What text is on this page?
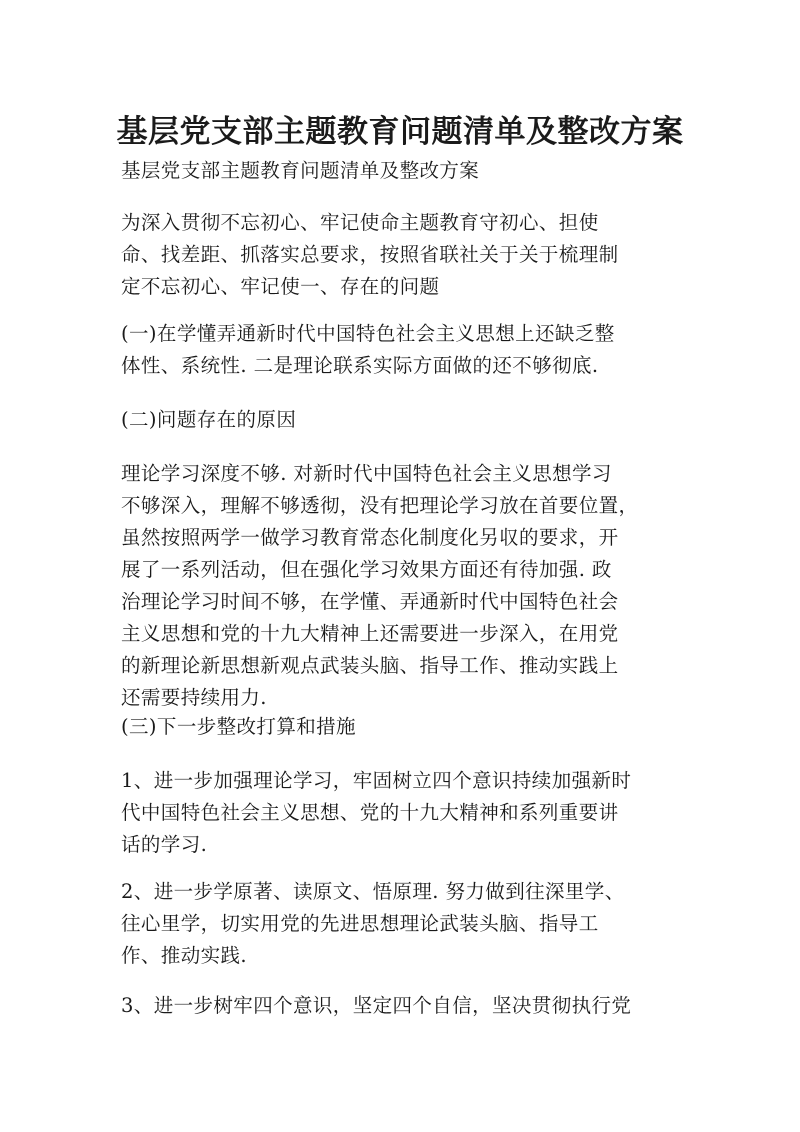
基层党支部主题教育问题清单及整改方案
基层党支部主题教育问题清单及整改方案
为深入贯彻不忘初心、牢记使命主题教育守初心、担使
命、找差距、抓落实总要求，按照省联社关于关于梳理制
定不忘初心、牢记使一、存在的问题
(一)在学懂弄通新时代中国特色社会主义思想上还缺乏整
体性、系统性. 二是理论联系实际方面做的还不够彻底.
(二)问题存在的原因
理论学习深度不够. 对新时代中国特色社会主义思想学习
不够深入，理解不够透彻，没有把理论学习放在首要位置，
虽然按照两学一做学习教育常态化制度化另収的要求，开
展了一系列活动，但在强化学习效果方面还有待加强. 政
治理论学习时间不够，在学懂、弄通新时代中国特色社会
主义思想和党的十九大精神上还需要进一步深入，在用党
的新理论新思想新观点武装头脑、指导工作、推动实践上
还需要持续用力.
(三)下一步整改打算和措施
1、进一步加强理论学习，牢固树立四个意识持续加强新时
代中国特色社会主义思想、党的十九大精神和系列重要讲
话的学习.
2、进一步学原著、读原文、悟原理. 努力做到往深里学、
往心里学，切实用党的先进思想理论武装头脑、指导工
作、推动实践.
3、进一步树牢四个意识，坚定四个自信，坚决贯彻执行党
